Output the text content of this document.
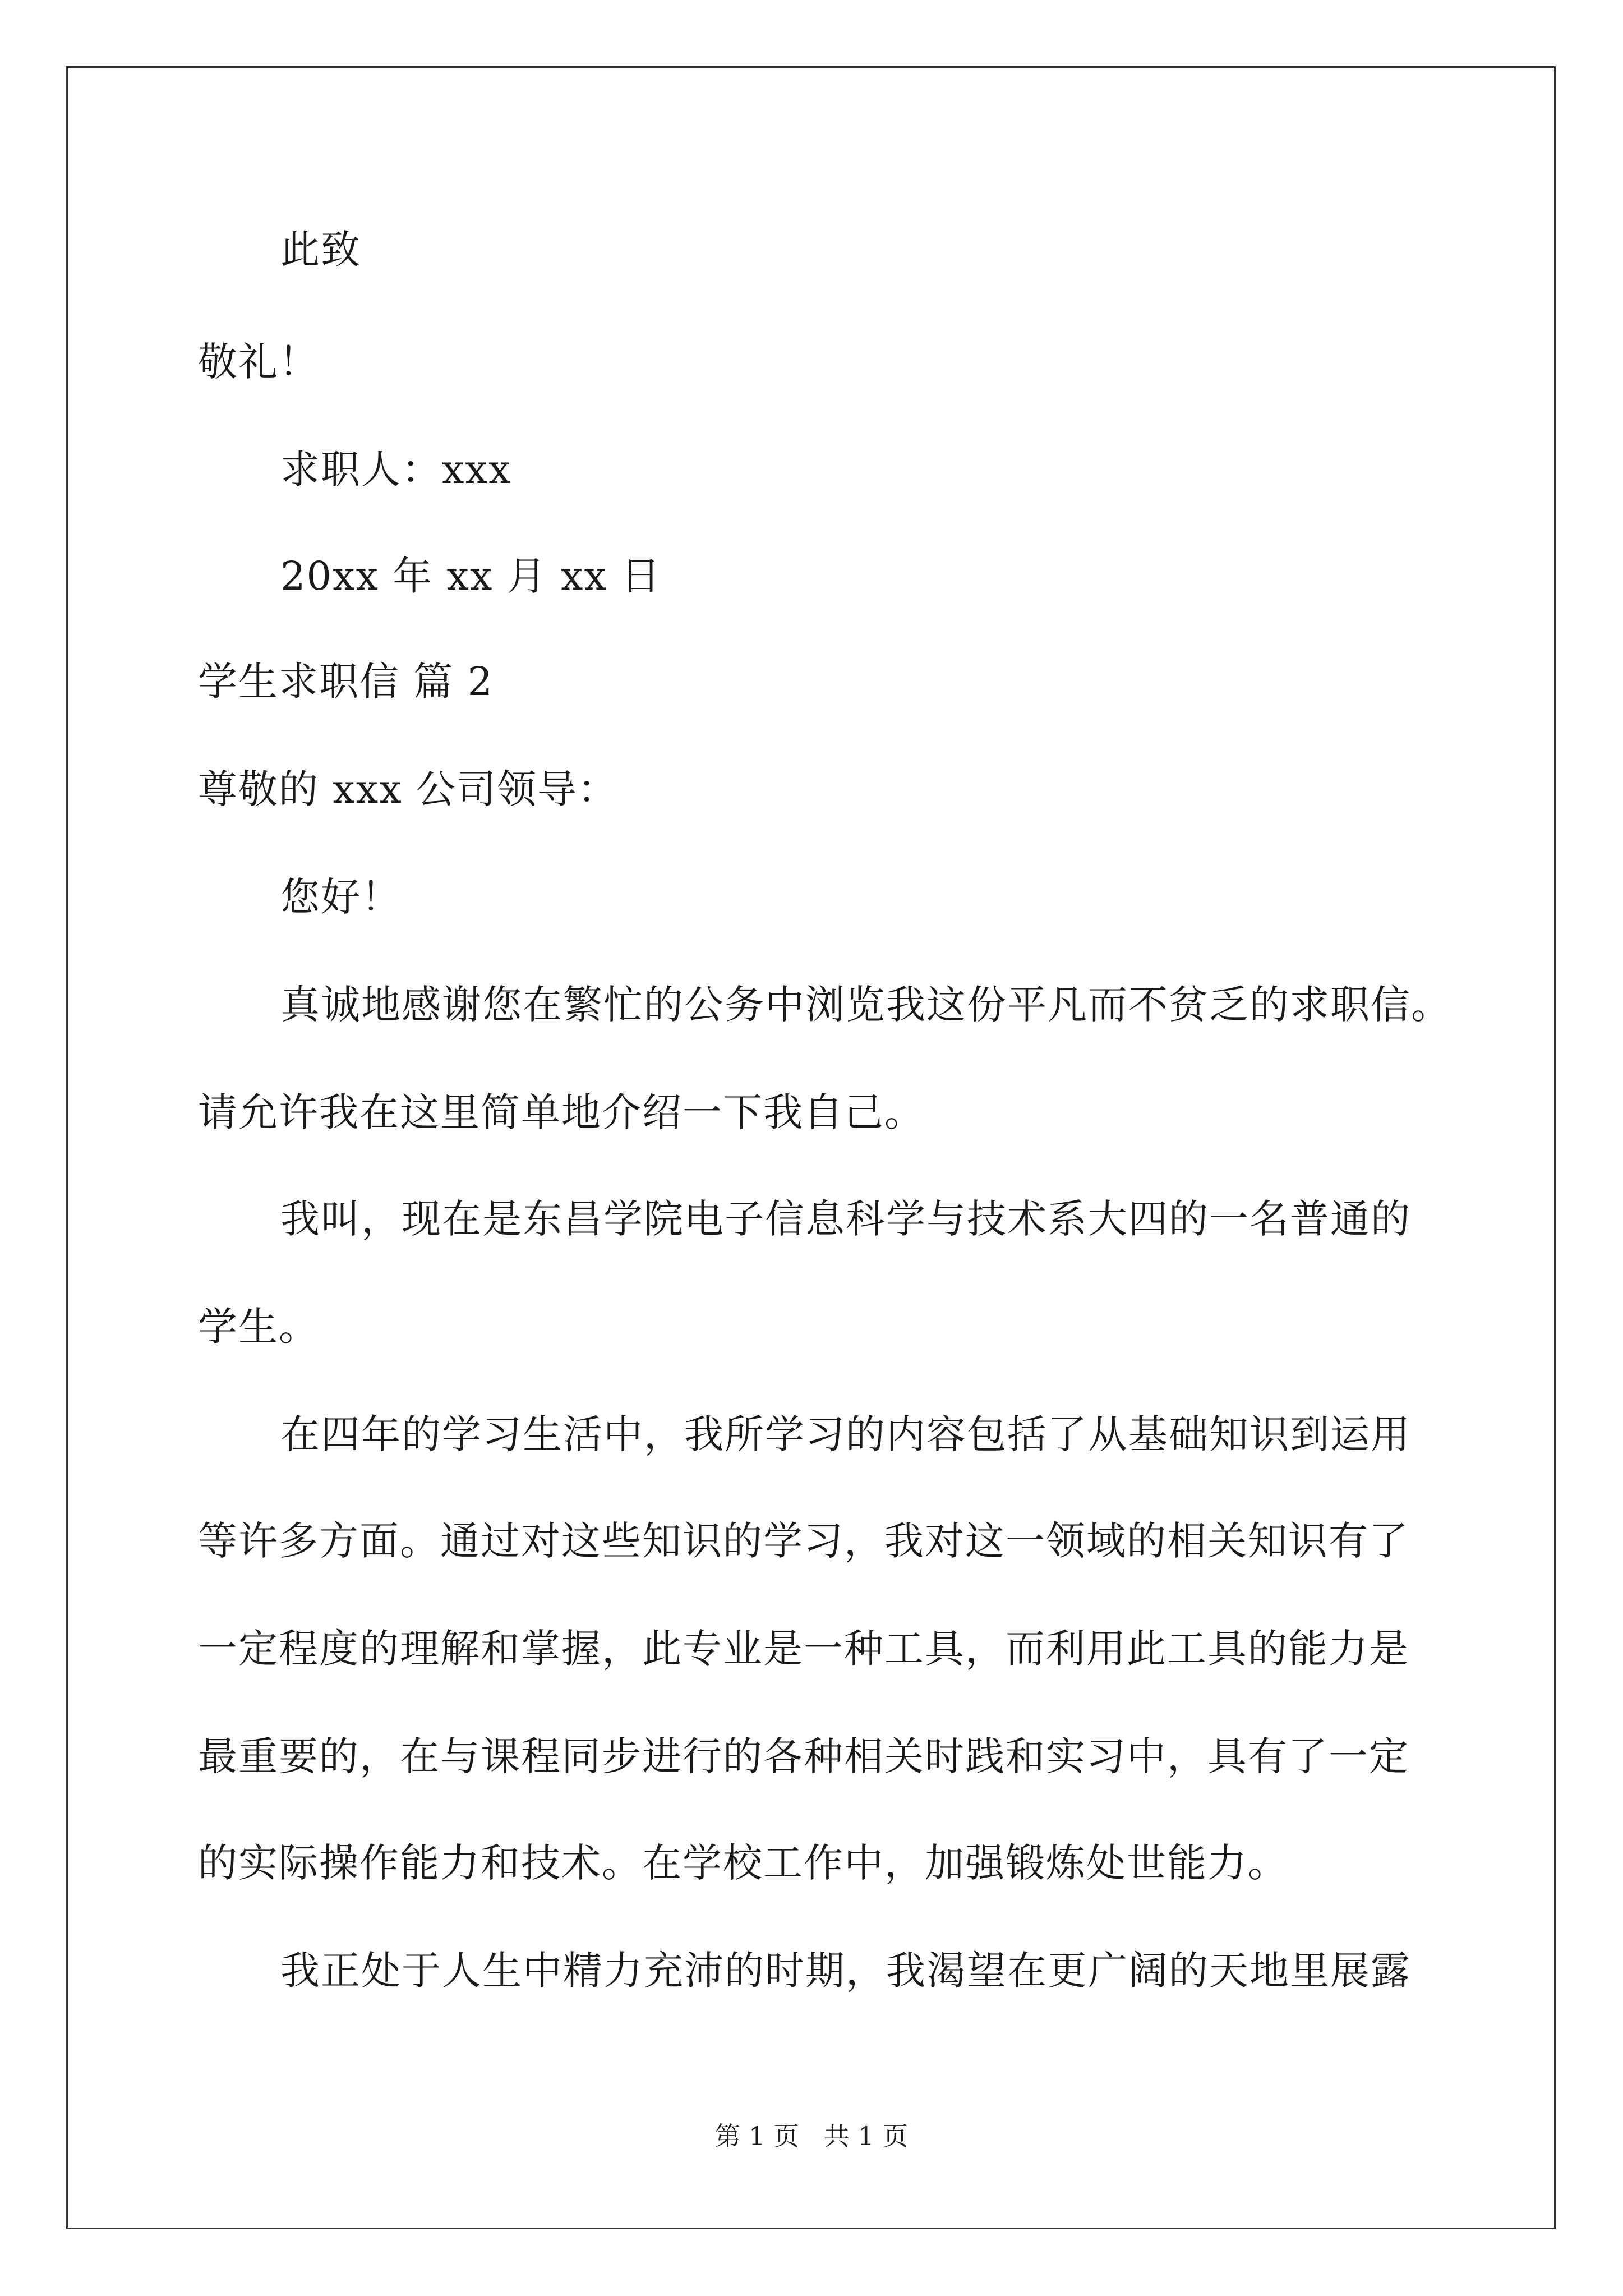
此致
敬礼！
求职人：xxx
20xx 年 xx 月 xx 日
学生求职信 篇 2
尊敬的 xxx 公司领导：
您好！
真诚地感谢您在繁忙的公务中浏览我这份平凡而不贫乏的求职信。
请允许我在这里简单地介绍一下我自己。
我叫，现在是东昌学院电子信息科学与技术系大四的一名普通的
学生。
在四年的学习生活中，我所学习的内容包括了从基础知识到运用
等许多方面。通过对这些知识的学习，我对这一领域的相关知识有了
一定程度的理解和掌握，此专业是一种工具，而利用此工具的能力是
最重要的，在与课程同步进行的各种相关时践和实习中，具有了一定
的实际操作能力和技术。在学校工作中，加强锻炼处世能力。
我正处于人生中精力充沛的时期，我渴望在更广阔的天地里展露
第 1 页   共 1 页
